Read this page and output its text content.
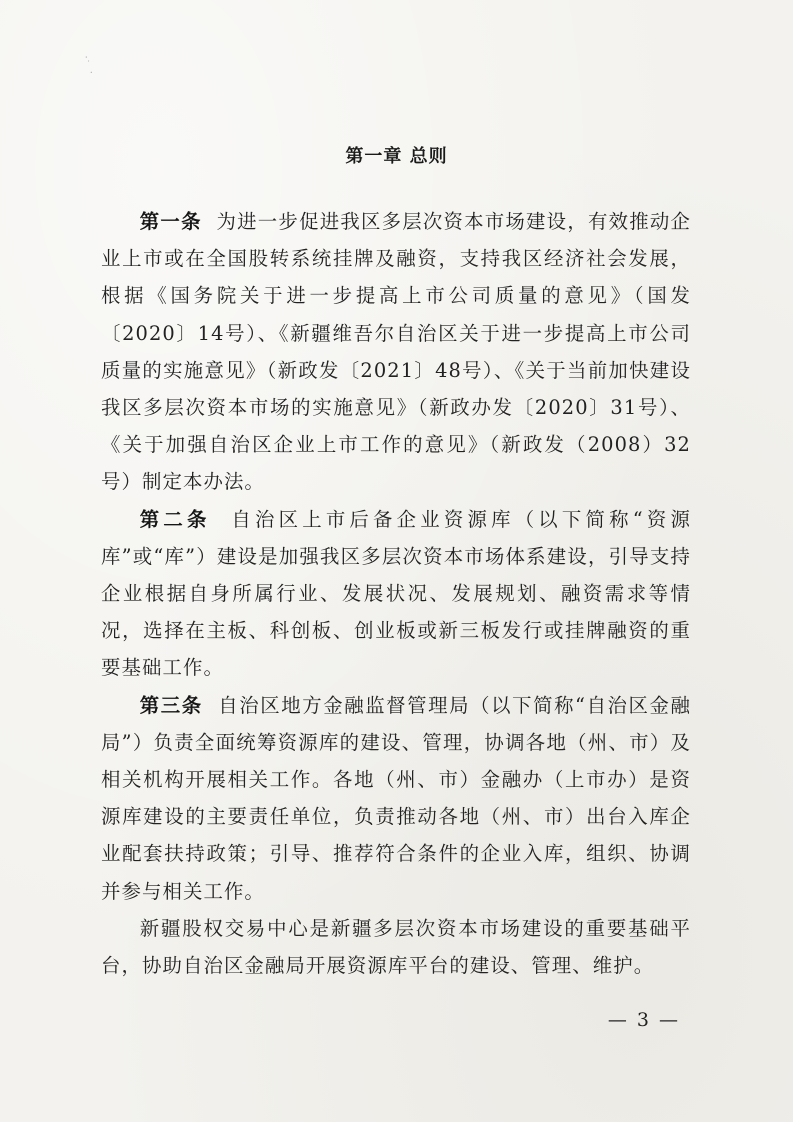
·
˙
·
第一章 总则

第一条 为进一步促进我区多层次资本市场建设，有效推动企业上市或在全国股转系统挂牌及融资，支持我区经济社会发展，根据《国务院关于进一步提高上市公司质量的意见》（国发〔2020〕14号）、《新疆维吾尔自治区关于进一步提高上市公司质量的实施意见》（新政发〔2021〕48号）、《关于当前加快建设我区多层次资本市场的实施意见》（新政办发〔2020〕31号）、《关于加强自治区企业上市工作的意见》（新政发（2008）32号）制定本办法。

第二条 自治区上市后备企业资源库（以下简称“资源库”或“库”）建设是加强我区多层次资本市场体系建设，引导支持企业根据自身所属行业、发展状况、发展规划、融资需求等情况，选择在主板、科创板、创业板或新三板发行或挂牌融资的重要基础工作。

第三条 自治区地方金融监督管理局（以下简称“自治区金融局”）负责全面统筹资源库的建设、管理，协调各地（州、市）及相关机构开展相关工作。各地（州、市）金融办（上市办）是资源库建设的主要责任单位，负责推动各地（州、市）出台入库企业配套扶持政策；引导、推荐符合条件的企业入库，组织、协调并参与相关工作。

新疆股权交易中心是新疆多层次资本市场建设的重要基础平台，协助自治区金融局开展资源库平台的建设、管理、维护。

— 3 —
